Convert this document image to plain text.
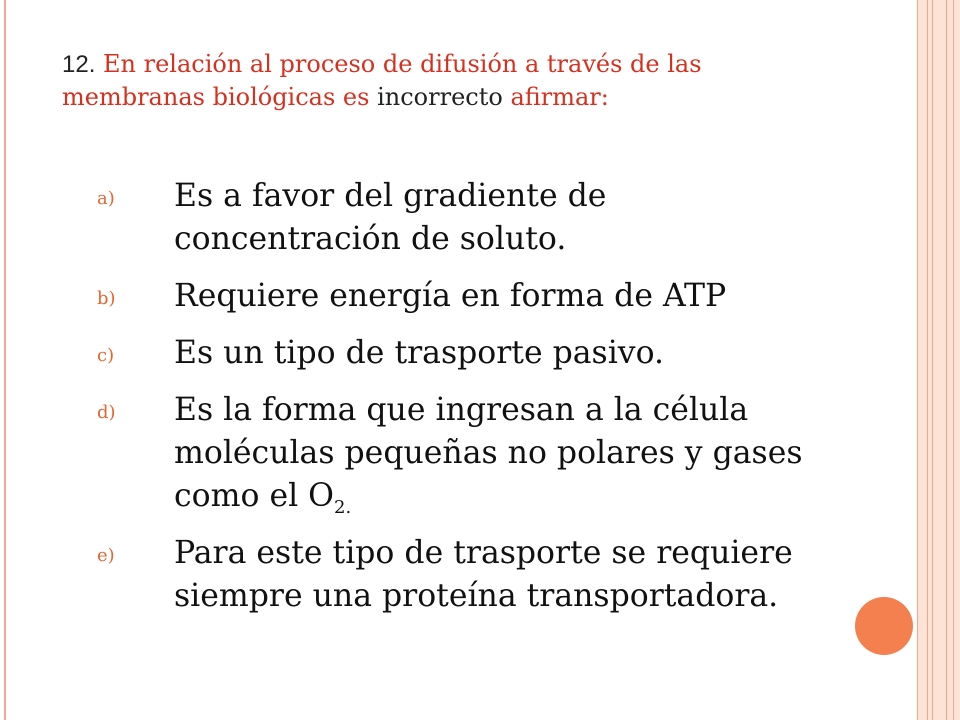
12. En relación al proceso de difusión a través de las membranas biológicas es incorrecto afirmar:
a) Es a favor del gradiente de concentración de soluto.
b) Requiere energía en forma de ATP
c) Es un tipo de trasporte pasivo.
d) Es la forma que ingresan a la célula moléculas pequeñas no polares y gases como el $O_{2.}$
e) Para este tipo de trasporte se requiere siempre una proteína transportadora.
